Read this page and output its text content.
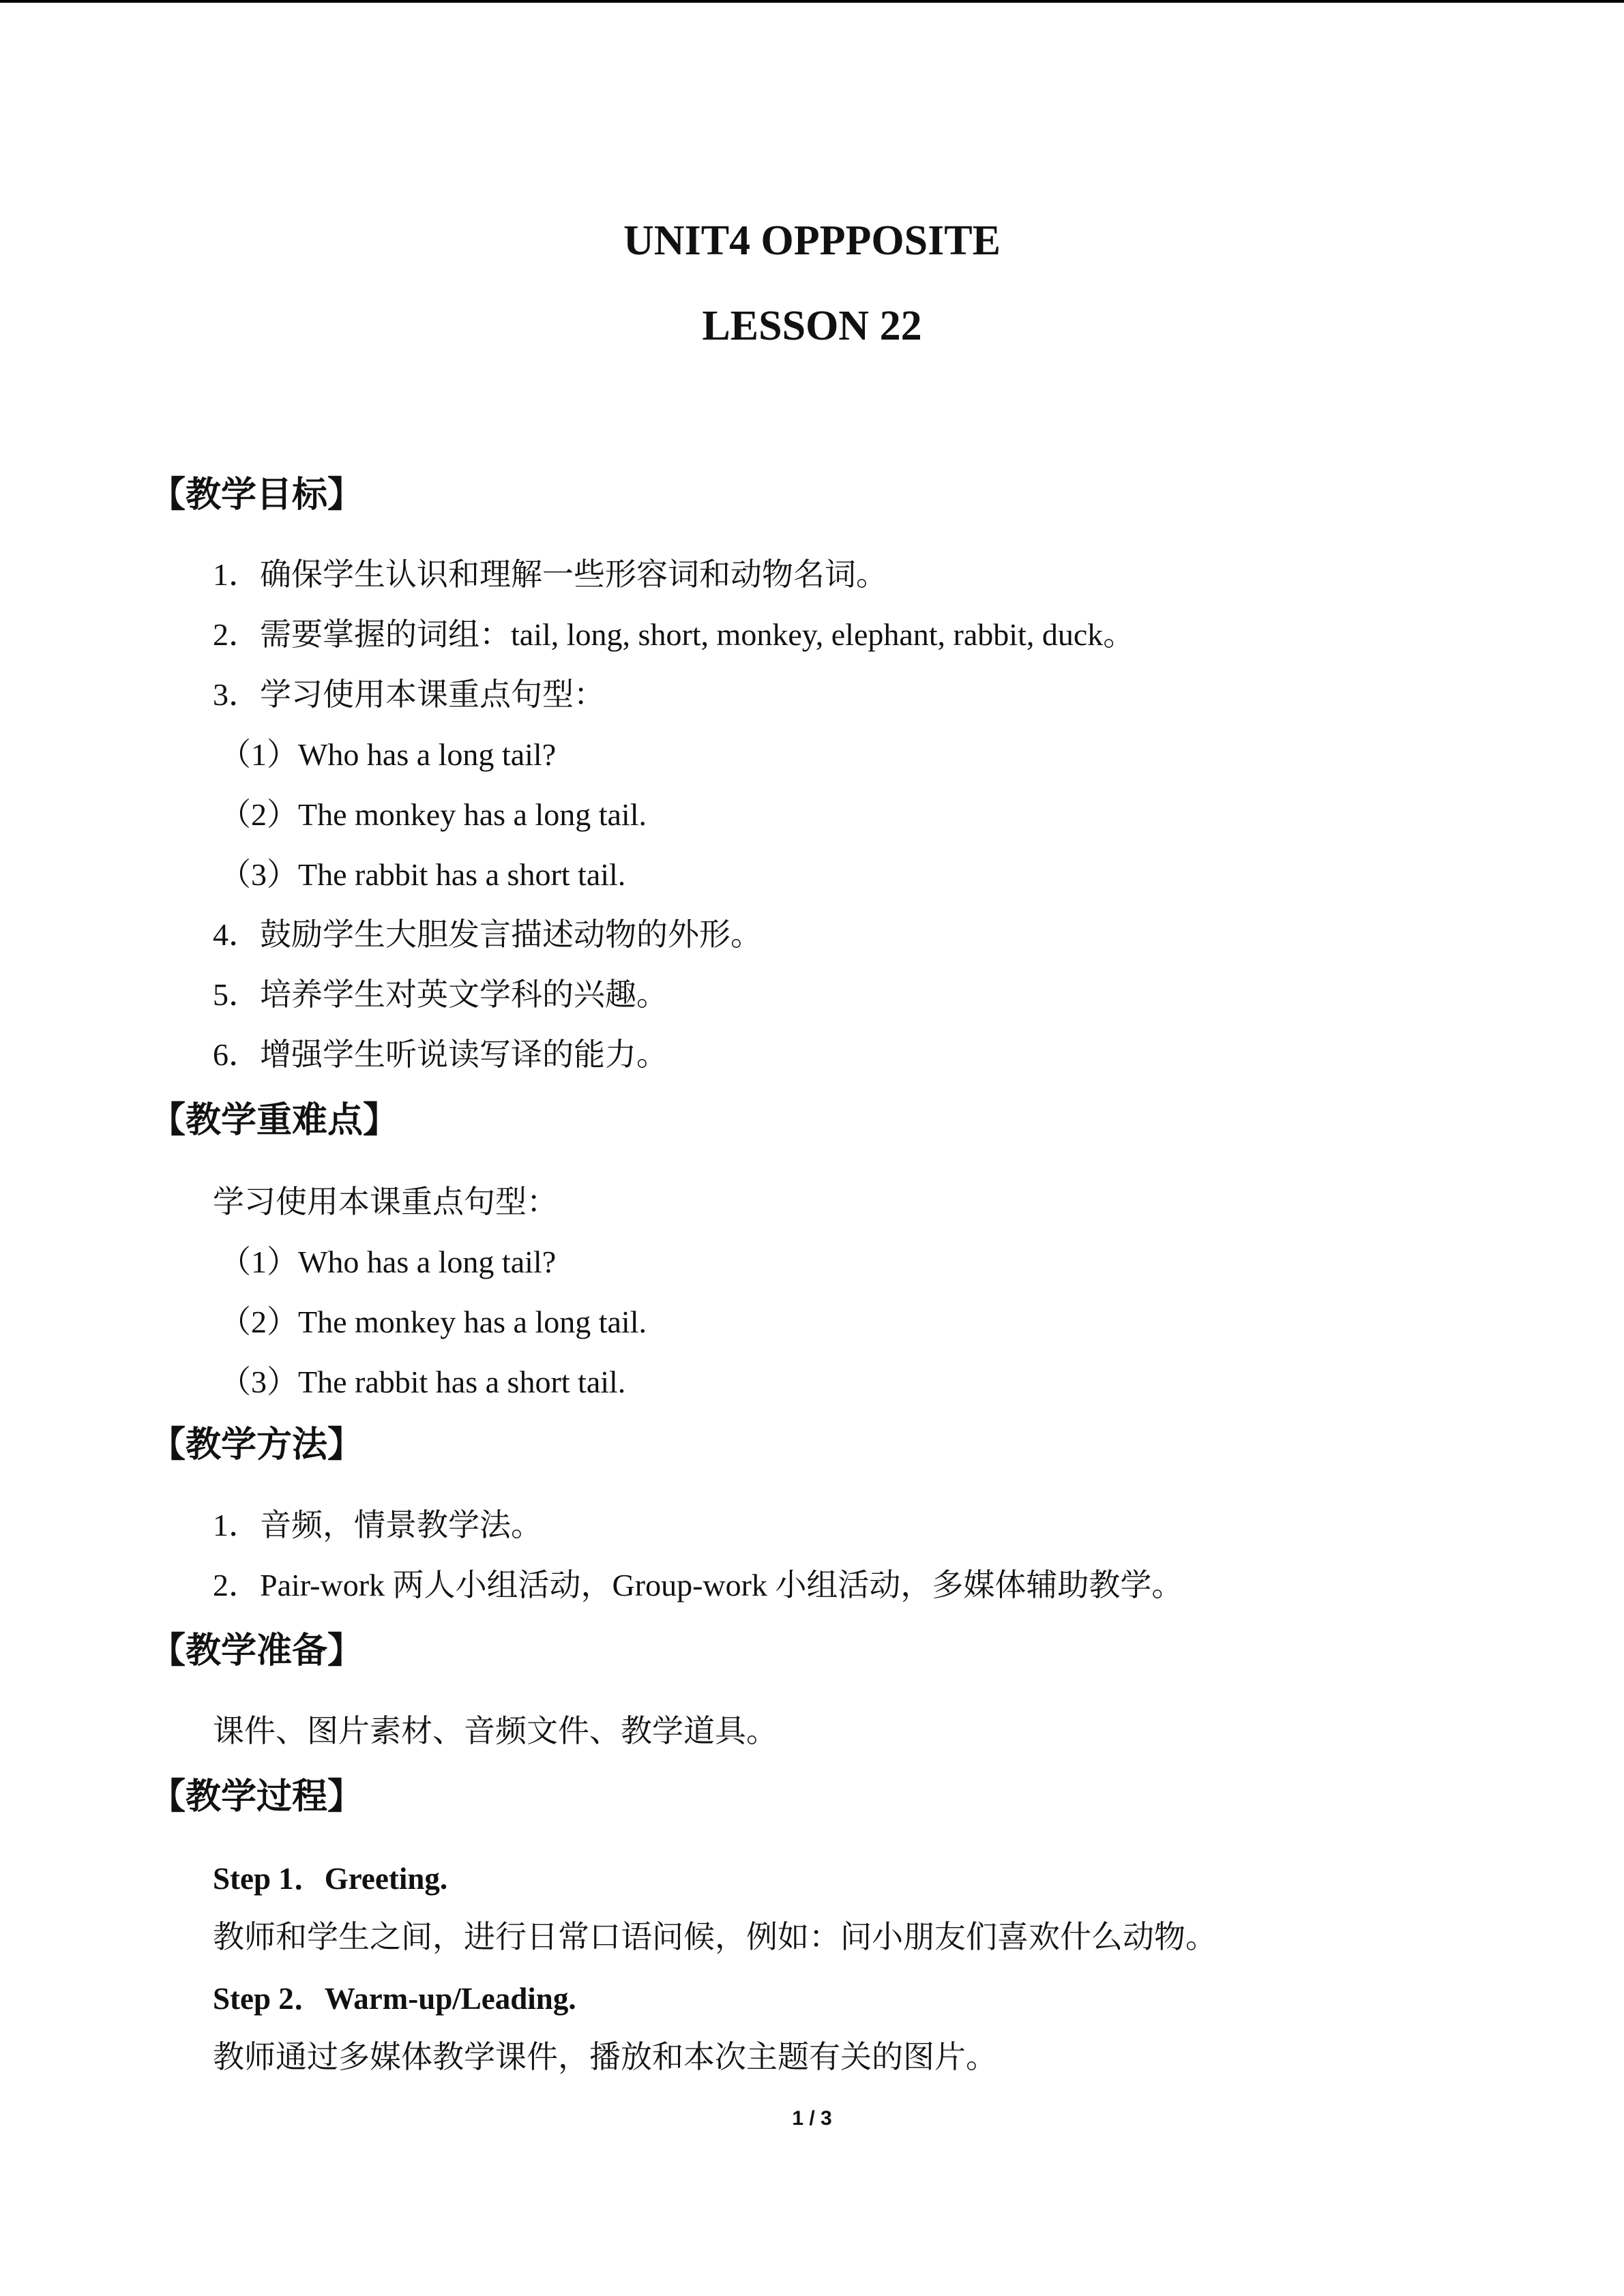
UNIT4 OPPPOSITE
LESSON 22
【教学目标】
1．确保学生认识和理解一些形容词和动物名词。
2．需要掌握的词组：tail, long, short, monkey, elephant, rabbit, duck。
3．学习使用本课重点句型：
（1）Who has a long tail?
（2）The monkey has a long tail.
（3）The rabbit has a short tail.
4．鼓励学生大胆发言描述动物的外形。
5．培养学生对英文学科的兴趣。
6．增强学生听说读写译的能力。
【教学重难点】
学习使用本课重点句型：
（1）Who has a long tail?
（2）The monkey has a long tail.
（3）The rabbit has a short tail.
【教学方法】
1．音频，情景教学法。
2．Pair-work 两人小组活动，Group-work 小组活动，多媒体辅助教学。
【教学准备】
课件、图片素材、音频文件、教学道具。
【教学过程】
Step 1．Greeting.
教师和学生之间，进行日常口语问候，例如：问小朋友们喜欢什么动物。
Step 2．Warm-up/Leading.
教师通过多媒体教学课件，播放和本次主题有关的图片。
1 / 3
